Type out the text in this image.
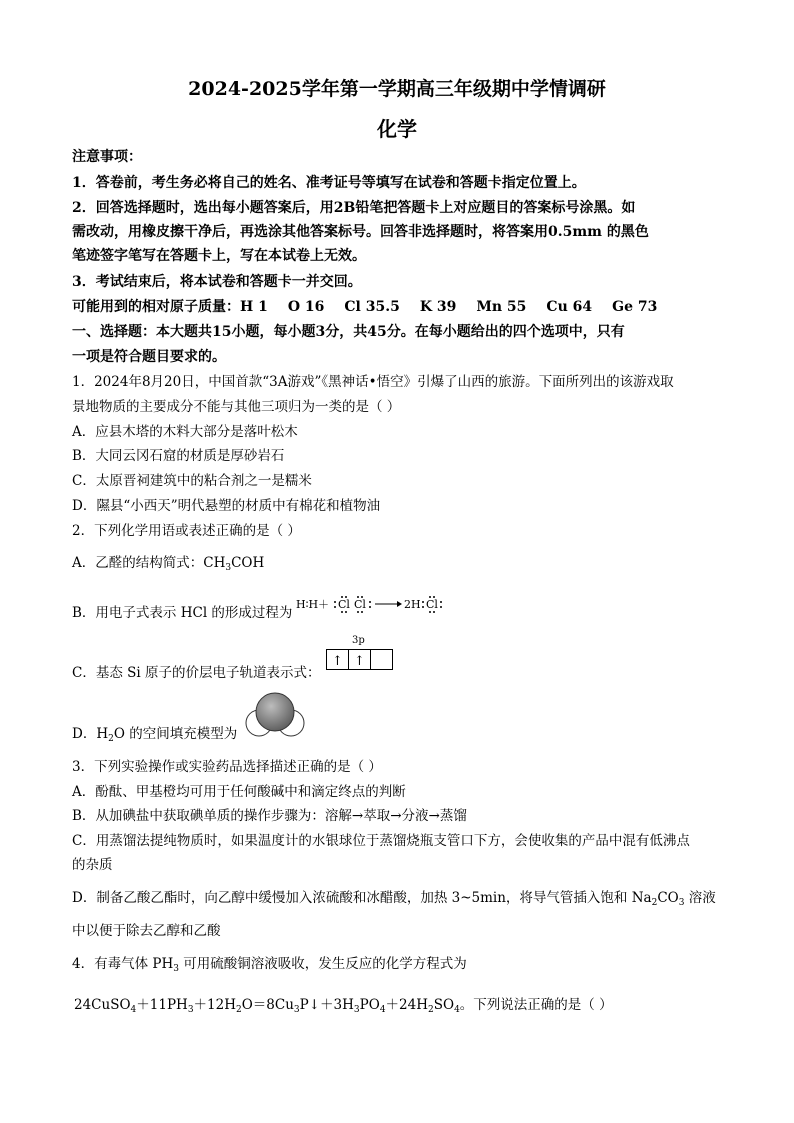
2024-2025学年第一学期高三年级期中学情调研
化学
注意事项：
1．答卷前，考生务必将自己的姓名、准考证号等填写在试卷和答题卡指定位置上。
2．回答选择题时，选出每小题答案后，用2B铅笔把答题卡上对应题目的答案标号涂黑。如
需改动，用橡皮擦干净后，再选涂其他答案标号。回答非选择题时，将答案用0.5mm 的黑色
笔迹签字笔写在答题卡上，写在本试卷上无效。
3．考试结束后，将本试卷和答题卡一并交回。
可能用到的相对原子质量：H 1 O 16 Cl 35.5 K 39 Mn 55 Cu 64 Ge 73
一、选择题：本大题共15小题，每小题3分，共45分。在每小题给出的四个选项中，只有
一项是符合题目要求的。
1．2024年8月20日，中国首款“3A游戏”《黑神话•悟空》引爆了山西的旅游。下面所列出的该游戏取
景地物质的主要成分不能与其他三项归为一类的是（ ）
A．应县木塔的木料大部分是落叶松木
B．大同云冈石窟的材质是厚砂岩石
C．太原晋祠建筑中的粘合剂之一是糯米
D．隰县“小西天”明代悬塑的材质中有棉花和植物油
2．下列化学用语或表述正确的是（ ）
A．乙醛的结构简式：$CH_3COH$
B．用电子式表示 HCl 的形成过程为
H∶H＋ Cl Cl	2H Cl
C．基态 Si 原子的价层电子轨道表示式：
3p
↑ ↑
D．$H_2O$ 的空间填充模型为
3．下列实验操作或实验药品选择描述正确的是（ ）
A．酚酞、甲基橙均可用于任何酸碱中和滴定终点的判断
B．从加碘盐中获取碘单质的操作步骤为：溶解→萃取→分液→蒸馏
C．用蒸馏法提纯物质时，如果温度计的水银球位于蒸馏烧瓶支管口下方，会使收集的产品中混有低沸点
的杂质
D．制备乙酸乙酯时，向乙醇中缓慢加入浓硫酸和冰醋酸，加热 3~5min，将导气管插入饱和 $Na_2CO_3$ 溶液
中以便于除去乙醇和乙酸
4．有毒气体 $PH_3$ 可用硫酸铜溶液吸收，发生反应的化学方程式为
$24CuSO_4+11PH_3+12H_2O=8Cu_3P↓+3H_3PO_4+24H_2SO_4$。下列说法正确的是（ ）
